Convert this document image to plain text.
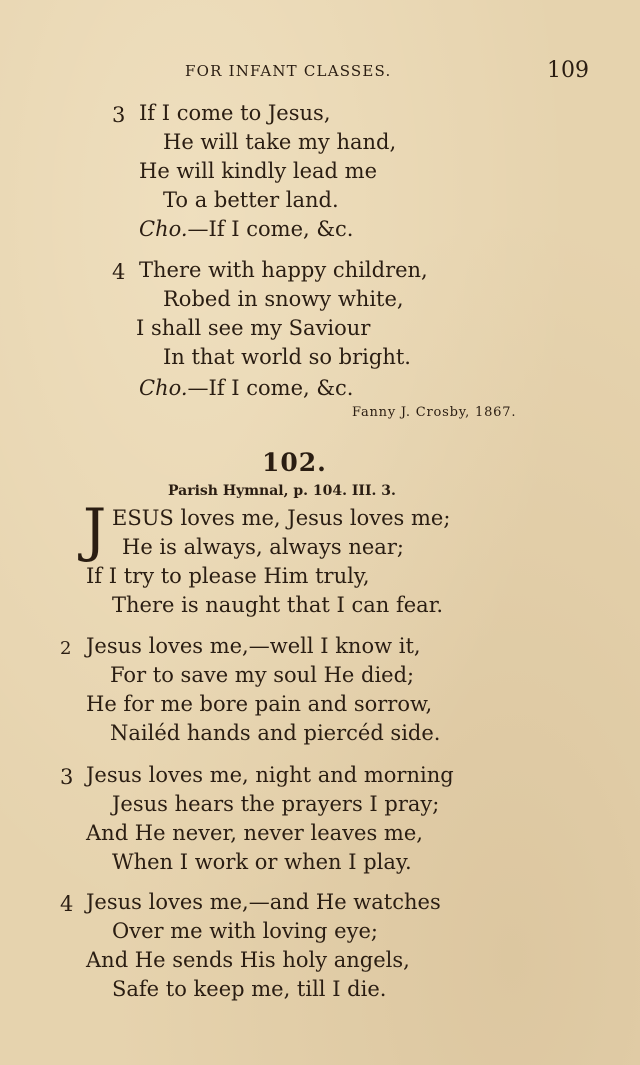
FOR INFANT CLASSES.	109
3 If I come to Jesus,
He will take my hand,
He will kindly lead me
To a better land.
Cho.—If I come, &c.
4 There with happy children,
Robed in snowy white,
I shall see my Saviour
In that world so bright.
Cho.—If I come, &c.
Fanny J. Crosby, 1867.
102.
Parish Hymnal, p. 104. III. 3.
J ESUS loves me, Jesus loves me;
He is always, always near;
If I try to please Him truly,
There is naught that I can fear.
2 Jesus loves me,—well I know it,
For to save my soul He died;
He for me bore pain and sorrow,
Nailéd hands and piercéd side.
3 Jesus loves me, night and morning
Jesus hears the prayers I pray;
And He never, never leaves me,
When I work or when I play.
4 Jesus loves me,—and He watches
Over me with loving eye;
And He sends His holy angels,
Safe to keep me, till I die.
